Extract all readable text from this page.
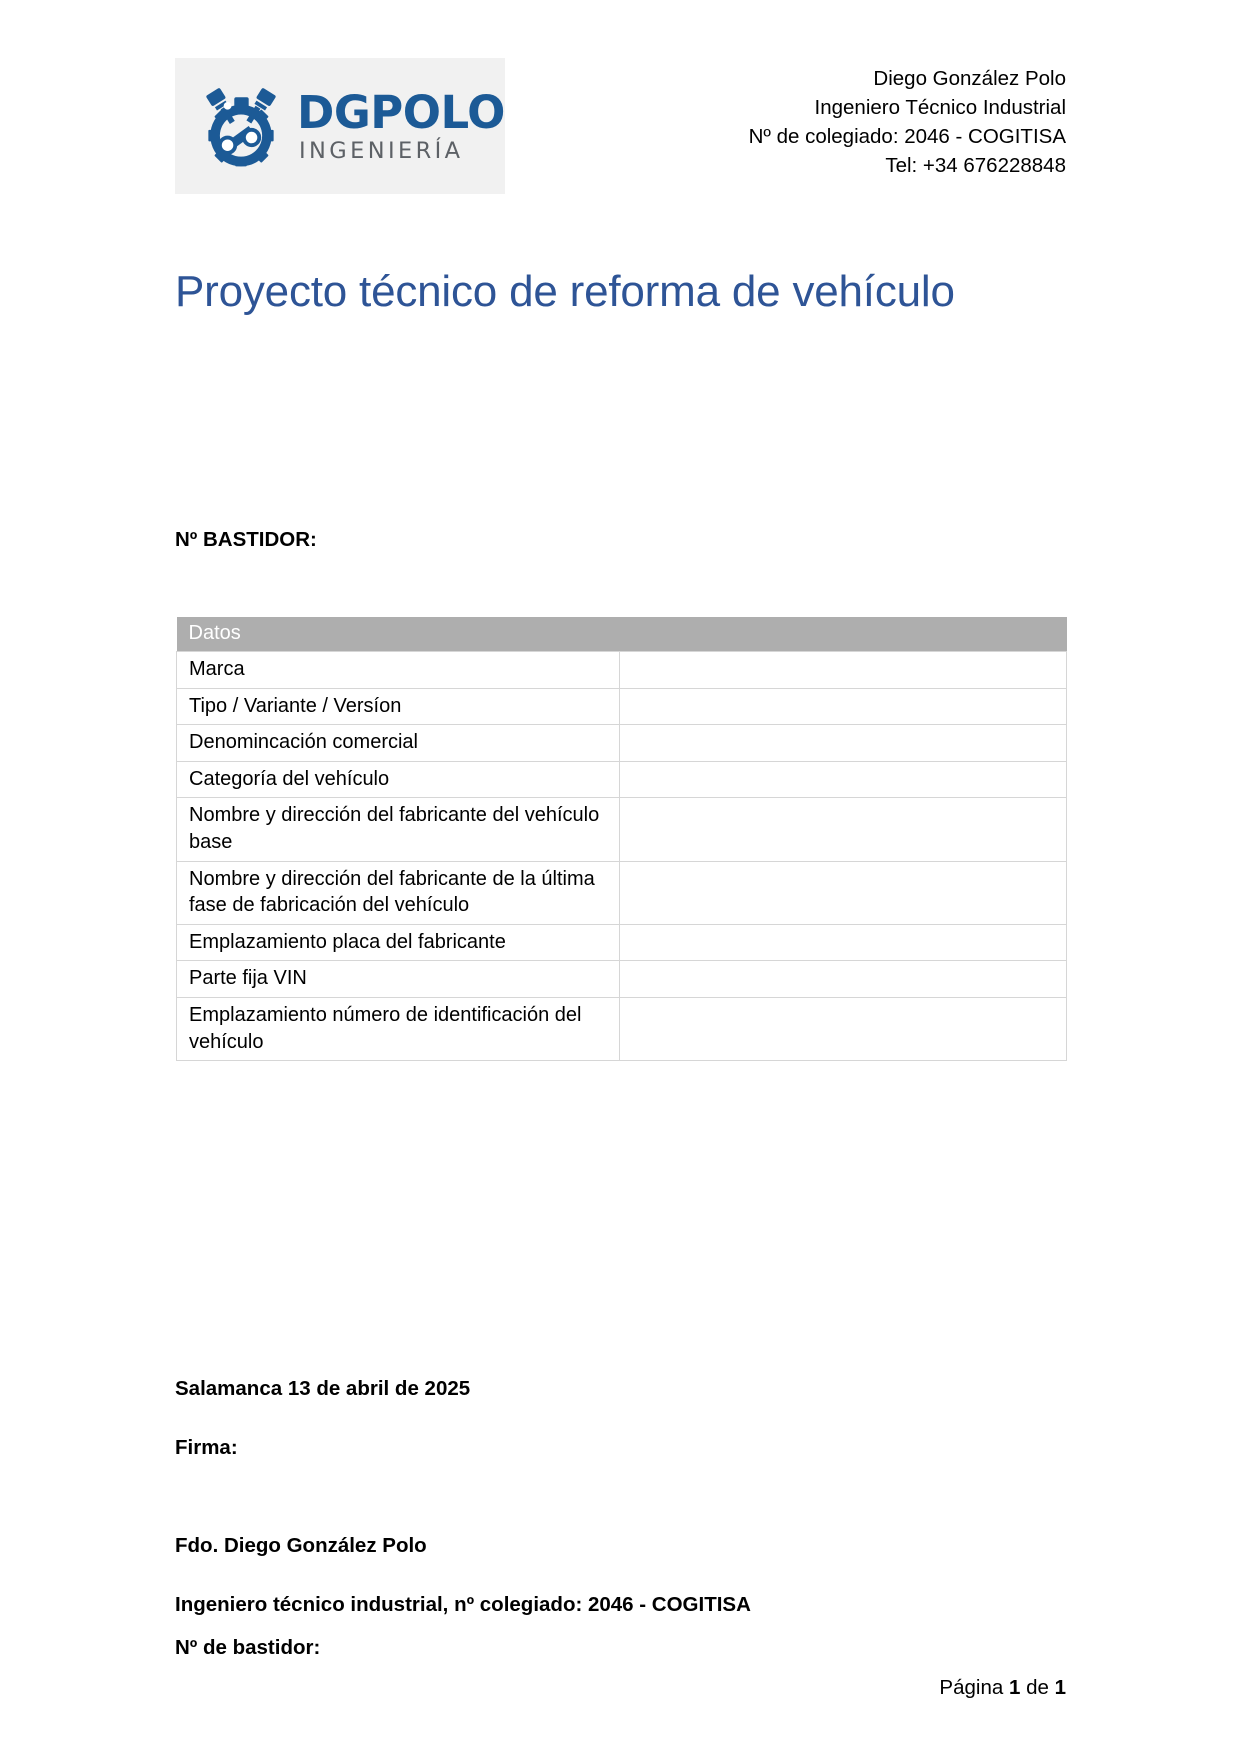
DGPOLO
INGENIERÍA
Diego González Polo
Ingeniero Técnico Industrial
Nº de colegiado: 2046 - COGITISA
Tel: +34 676228848
Proyecto técnico de reforma de vehículo
Nº BASTIDOR:
Datos	
Marca	
Tipo / Variante / Versíon	
Denomincación comercial	
Categoría del vehículo	
Nombre y dirección del fabricante del vehículo base	
Nombre y dirección del fabricante de la última fase de fabricación del vehículo	
Emplazamiento placa del fabricante	
Parte fija VIN	
Emplazamiento número de identificación del vehículo	
Salamanca 13 de abril de 2025
Firma:
Fdo. Diego González Polo
Ingeniero técnico industrial, nº colegiado: 2046 - COGITISA
Nº de bastidor:
Página 1 de 1
